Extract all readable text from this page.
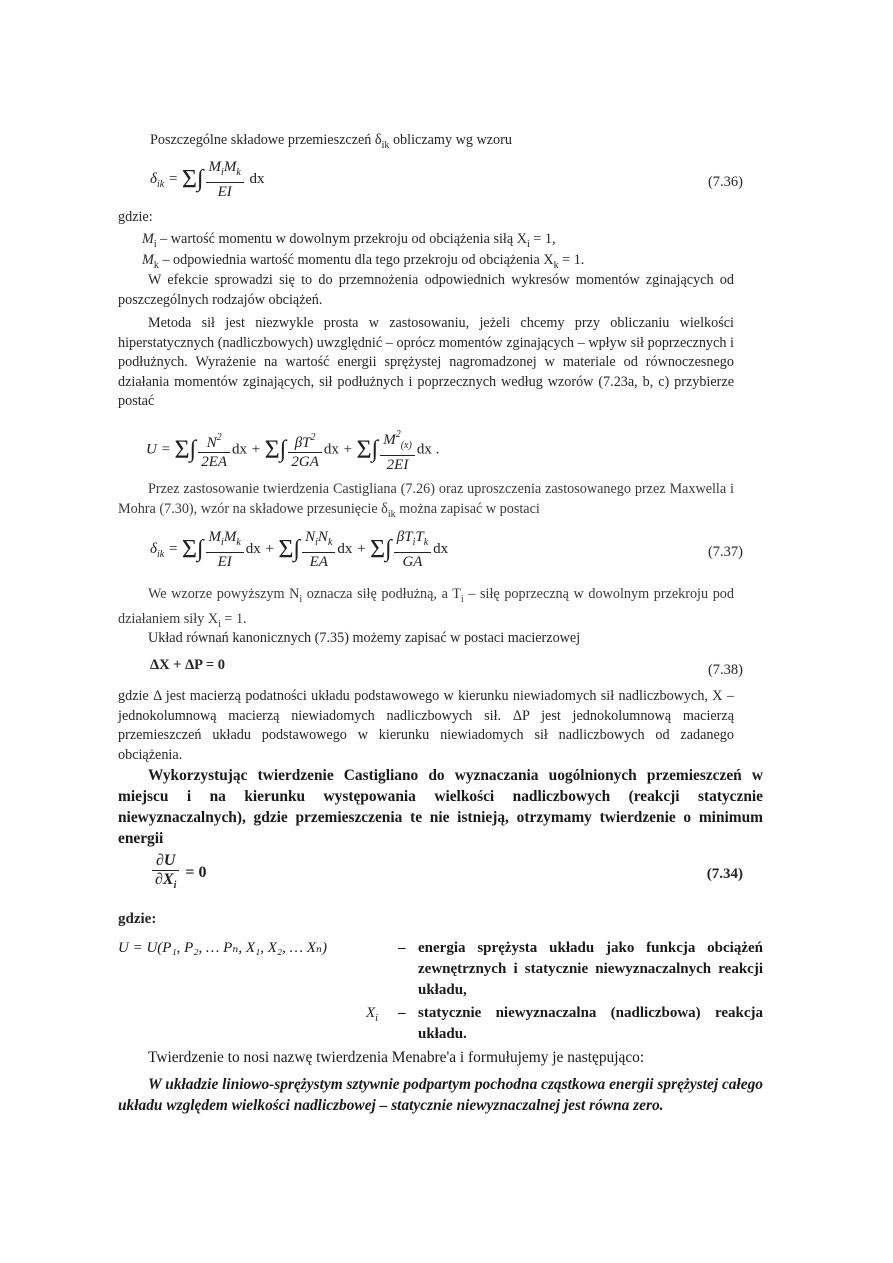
Poszczególne składowe przemieszczeń $\delta_{ik}$ obliczamy wg wzoru
$\delta_{ik} = \Sigma\int \frac{M_iM_k}{EI}$ dx	(7.36)
gdzie:
$M_i$ – wartość momentu w dowolnym przekroju od obciążenia siłą $X_i = 1$,
$M_k$ – odpowiednia wartość momentu dla tego przekroju od obciążenia $X_k = 1$.
W efekcie sprowadzi się to do przemnożenia odpowiednich wykresów momentów zginających od poszczególnych rodzajów obciążeń.
Metoda sił jest niezwykle prosta w zastosowaniu, jeżeli chcemy przy obliczaniu wielkości hiperstatycznych (nadliczbowych) uwzględnić – oprócz momentów zginających – wpływ sił poprzecznych i podłużnych. Wyrażenie na wartość energii sprężystej nagromadzonej w materiale od równoczesnego działania momentów zginających, sił podłużnych i poprzecznych według wzorów (7.23a, b, c) przybierze postać
$U = \Sigma\int \frac{N^2}{2EA}$ dx + $\Sigma\int \frac{\beta T^2}{2GA}$ dx + $\Sigma\int \frac{M^2_{(x)}}{2EI}$ dx .
Przez zastosowanie twierdzenia Castigliana (7.26) oraz uproszczenia zastosowanego przez Maxwella i Mohra (7.30), wzór na składowe przesunięcie $\delta_{ik}$ można zapisać w postaci
$\delta_{ik} = \Sigma\int \frac{M_iM_k}{EI}$ dx + $\Sigma\int \frac{N_iN_k}{EA}$ dx + $\Sigma\int \frac{\beta T_iT_k}{GA}$ dx	(7.37)
We wzorze powyższym $N_i$ oznacza siłę podłużną, a $T_i$ – siłę poprzeczną w dowolnym przekroju pod działaniem siły $X_i = 1$.
Układ równań kanonicznych (7.35) możemy zapisać w postaci macierzowej
ΔX + ΔP = 0	(7.38)
gdzie Δ jest macierzą podatności układu podstawowego w kierunku niewiadomych sił nadliczbowych, X – jednokolumnową macierzą niewiadomych nadliczbowych sił. ΔP jest jednokolumnową macierzą przemieszczeń układu podstawowego w kierunku niewiadomych sił nadliczbowych od zadanego obciążenia.
Wykorzystując twierdzenie Castigliano do wyznaczania uogólnionych przemieszczeń w miejscu i na kierunku występowania wielkości nadliczbowych (reakcji statycznie niewyznaczalnych), gdzie przemieszczenia te nie istnieją, otrzymamy twierdzenie o minimum energii
$\frac{\partial U}{\partial X_i} = 0$	(7.34)
gdzie:
U = U(P₁, P₂, … Pₙ, X₁, X₂, … Xₙ)	– energia sprężysta układu jako funkcja obciążeń zewnętrznych i statycznie niewyznaczalnych reakcji układu,
$X_i$ – statycznie niewyznaczalna (nadliczbowa) reakcja układu.
Twierdzenie to nosi nazwę twierdzenia Menabre'a i formułujemy je następująco:
W układzie liniowo-sprężystym sztywnie podpartym pochodna cząstkowa energii sprężystej całego układu względem wielkości nadliczbowej – statycznie niewyznaczalnej jest równa zero.
